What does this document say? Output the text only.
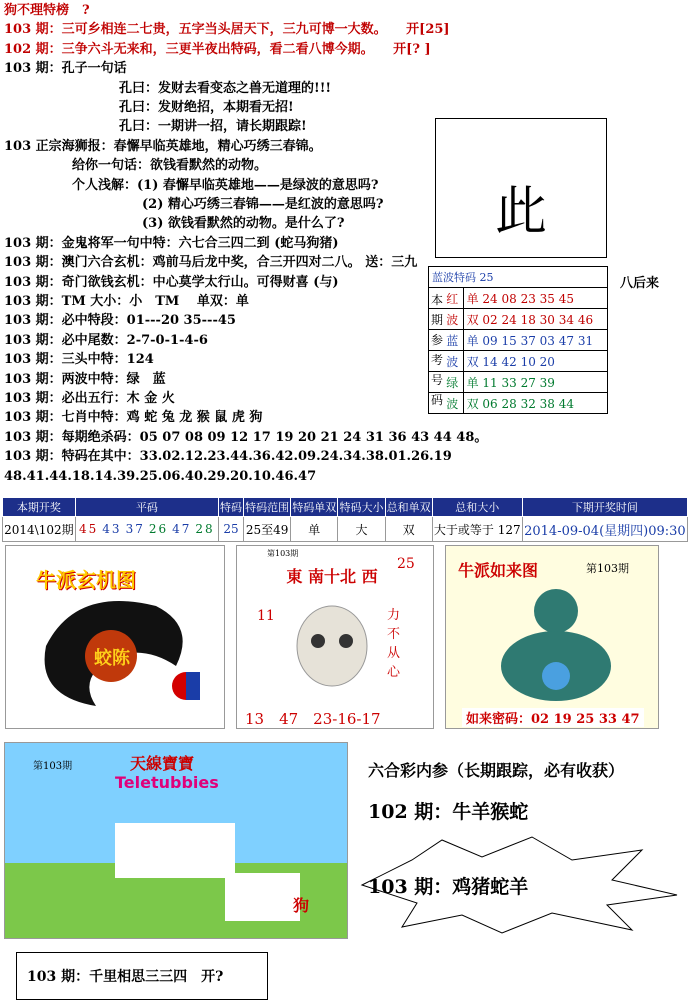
狗不理特榜　?
103 期：三可乡相连二七贵，五字当头居天下，三九可博一大数。　　开[25]
102 期：三争六斗无来和，三更半夜出特码，看二看八博今期。　　开[? ]
103 期：孔子一句话
孔曰：发财去看变态之兽无道理的!!!
孔曰：发财绝招，本期看无招!
孔曰：一期讲一招，请长期跟踪!
103 正宗海狮报：春懈早临英雄地，精心巧绣三春锦。
给你一句话：欲钱看默然的动物。
个人浅解：(1) 春懈早临英雄地——是绿波的意思吗?
(2) 精心巧绣三春锦——是红波的意思吗?
(3) 欲钱看默然的动物。是什么了?
103 期：金鬼将军一句中特：六七合三四二到 (蛇马狗猪)
103 期：澳门六合玄机：鸡前马后龙中奖，合三开四对二八。 送：三九
103 期：奇门欲钱玄机：中心莫学太行山。可得财喜 (与)
103 期：TM 大小：小　TM　 单双：单
103 期：必中特段：01---20 35---45
103 期：必中尾数：2-7-0-1-4-6
103 期：三头中特：124
103 期：两波中特：绿　蓝
103 期：必出五行：木 金 火
103 期：七肖中特：鸡 蛇 兔 龙 猴 鼠 虎 狗
103 期：每期绝杀码：05 07 08 09 12 17 19 20 21 24 31 36 43 44 48。
103 期：特码在其中：33.02.12.23.44.36.42.09.24.34.38.01.26.19
48.41.44.18.14.39.25.06.40.29.20.10.46.47
此
八后来
蓝波特码 25	
红	单 24 08 23 35 45
波	双 02 24 18 30 34 46
蓝	单 09 15 37 03 47 31
波	双 14 42 10 20
绿	单 11 33 27 39
波	双 06 28 32 38 44
本期开奖	平码	特码	特码范围	特码单双	特码大小	总和单双	总和大小	下期开奖时间
2014\102期	45 43 37 26 47 28	25	25至49	单	大	双	大于或等于 127	2014-09-04(星期四)09:30
牛派玄机图
蛟陈
第103期
25
東 南十北 西
11	力不从心
13　47　23-16-17
牛派如来图	第103期
如来密码：02 19 25 33 47
天線寶寶
Teletubbies
第103期
狗
六合彩内参（长期跟踪，必有收获）
102 期：牛羊猴蛇
103 期：鸡猪蛇羊
103 期：千里相思三三四　开?
本期参考号码
